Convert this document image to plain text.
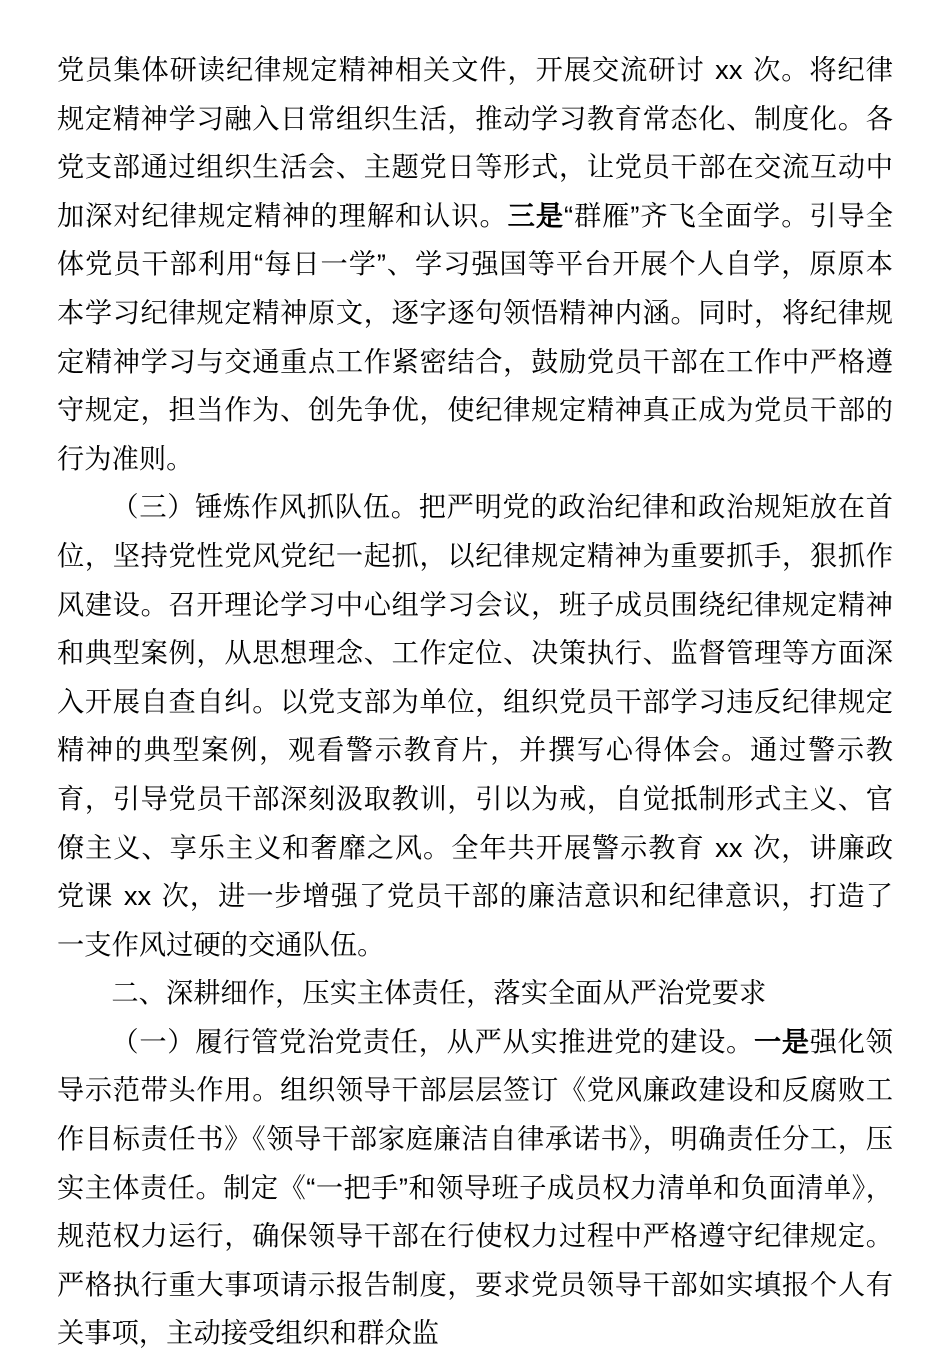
党员集体研读纪律规定精神相关文件，开展交流研讨 xx 次。将纪律规定精神学习融入日常组织生活，推动学习教育常态化、制度化。各党支部通过组织生活会、主题党日等形式，让党员干部在交流互动中加深对纪律规定精神的理解和认识。三是“群雁”齐飞全面学。引导全体党员干部利用“每日一学”、学习强国等平台开展个人自学，原原本本学习纪律规定精神原文，逐字逐句领悟精神内涵。同时，将纪律规定精神学习与交通重点工作紧密结合，鼓励党员干部在工作中严格遵守规定，担当作为、创先争优，使纪律规定精神真正成为党员干部的行为准则。

（三）锤炼作风抓队伍。把严明党的政治纪律和政治规矩放在首位，坚持党性党风党纪一起抓，以纪律规定精神为重要抓手，狠抓作风建设。召开理论学习中心组学习会议，班子成员围绕纪律规定精神和典型案例，从思想理念、工作定位、决策执行、监督管理等方面深入开展自查自纠。以党支部为单位，组织党员干部学习违反纪律规定精神的典型案例，观看警示教育片，并撰写心得体会。通过警示教育，引导党员干部深刻汲取教训，引以为戒，自觉抵制形式主义、官僚主义、享乐主义和奢靡之风。全年共开展警示教育 xx 次，讲廉政党课 xx 次，进一步增强了党员干部的廉洁意识和纪律意识，打造了一支作风过硬的交通队伍。

二、深耕细作，压实主体责任，落实全面从严治党要求

（一）履行管党治党责任，从严从实推进党的建设。一是强化领导示范带头作用。组织领导干部层层签订《党风廉政建设和反腐败工作目标责任书》《领导干部家庭廉洁自律承诺书》，明确责任分工，压实主体责任。制定《“一把手”和领导班子成员权力清单和负面清单》，规范权力运行，确保领导干部在行使权力过程中严格遵守纪律规定。严格执行重大事项请示报告制度，要求党员领导干部如实填报个人有关事项，主动接受组织和群众监
